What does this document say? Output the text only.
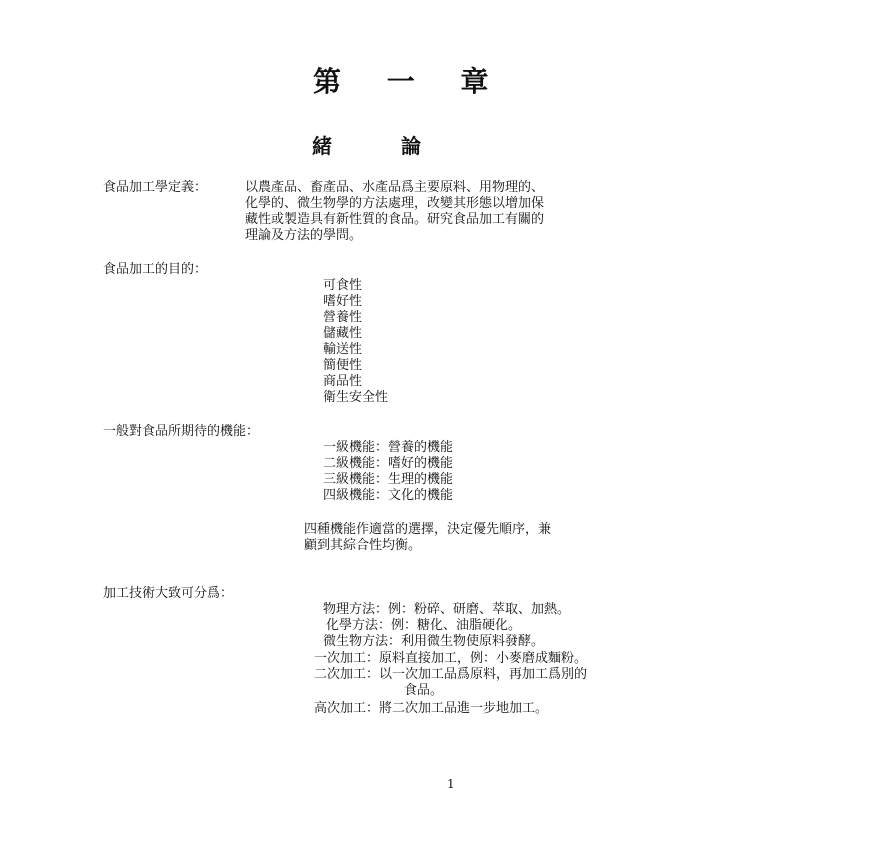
第 一 章
緒 論
食品加工學定義：	以農產品、畜產品、水產品爲主要原料、用物理的、
化學的、微生物學的方法處理，改變其形態以增加保
藏性或製造具有新性質的食品。研究食品加工有關的
理論及方法的學問。
食品加工的目的：
可食性
嗜好性
營養性
儲藏性
輸送性
簡便性
商品性
衛生安全性
一般對食品所期待的機能：
一級機能：營養的機能
二級機能：嗜好的機能
三級機能：生理的機能
四級機能：文化的機能
四種機能作適當的選擇，決定優先順序，兼
顧到其綜合性均衡。
加工技術大致可分爲：
物理方法：例：粉碎、研磨、萃取、加熱。
化學方法：例：糖化、油脂硬化。
微生物方法：利用微生物使原料發酵。
一次加工：原料直接加工，例：小麥磨成麵粉。
二次加工：以一次加工品爲原料，再加工爲別的
食品。
高次加工：將二次加工品進一步地加工。
1
